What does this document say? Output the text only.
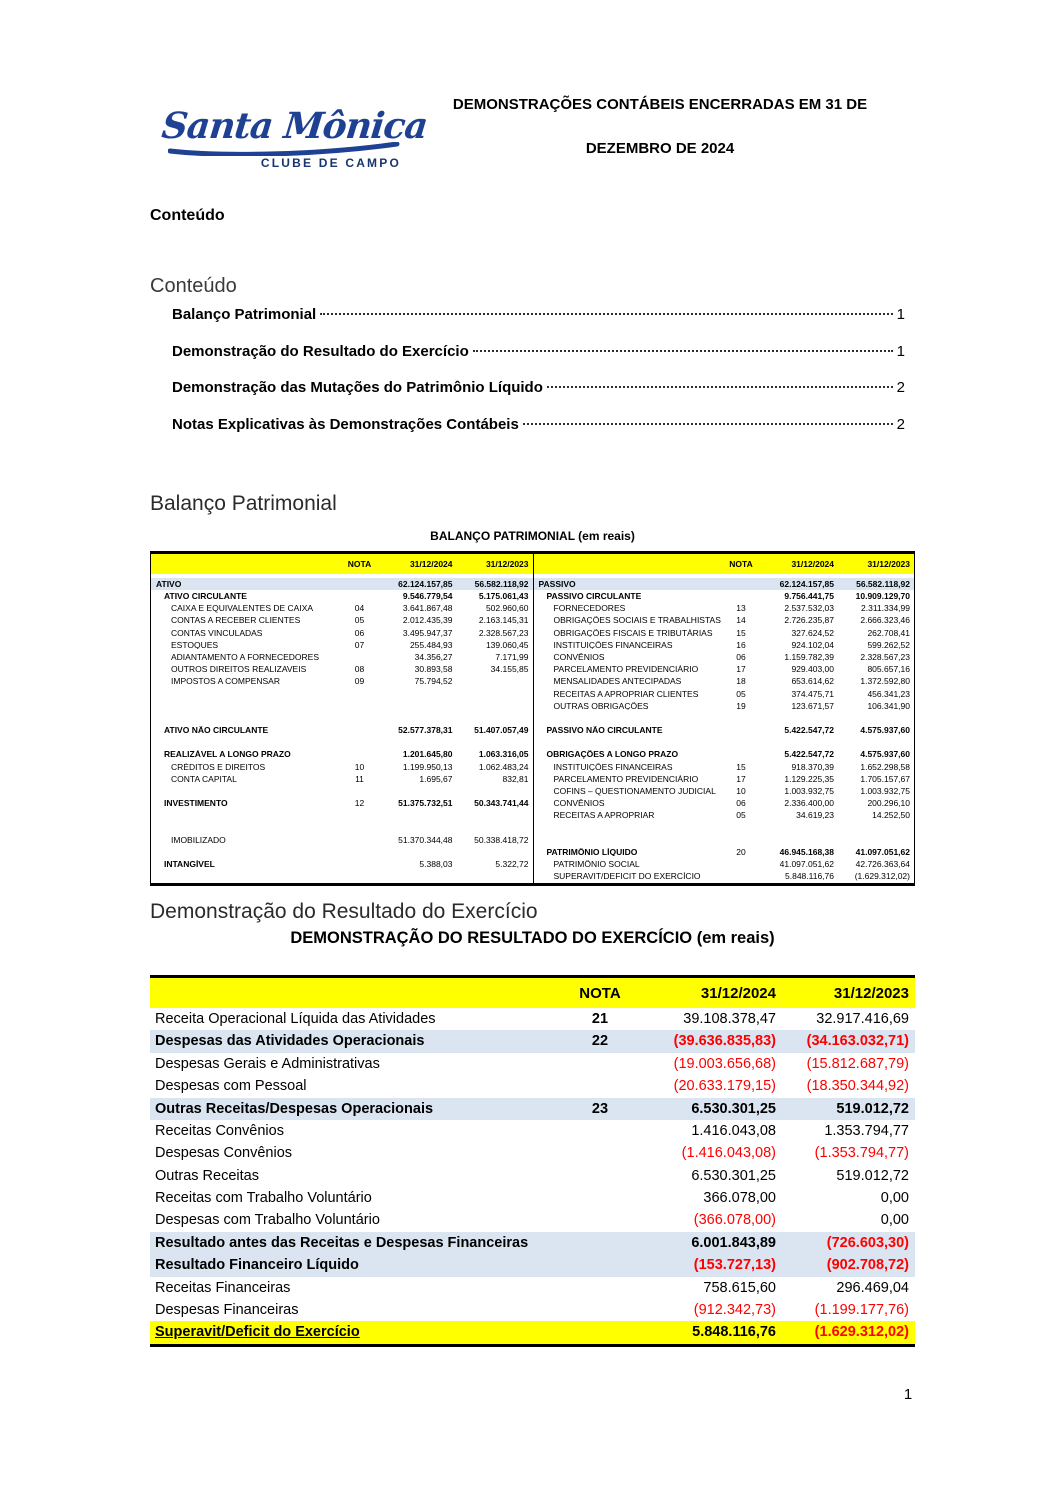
Santa Mônica
CLUBE DE CAMPO
DEMONSTRAÇÕES CONTÁBEIS ENCERRADAS EM 31 DE
DEZEMBRO DE 2024
Conteúdo
Conteúdo
Balanço Patrimonial	1
Demonstração do Resultado do Exercício	1
Demonstração das Mutações do Patrimônio Líquido	2
Notas Explicativas às Demonstrações Contábeis	2
Balanço Patrimonial
BALANÇO PATRIMONIAL (em reais)
NOTA	31/12/2024	31/12/2023
ATIVO	62.124.157,85	56.582.118,92
ATIVO CIRCULANTE	9.546.779,54	5.175.061,43
CAIXA E EQUIVALENTES DE CAIXA	04	3.641.867,48	502.960,60
CONTAS A RECEBER CLIENTES	05	2.012.435,39	2.163.145,31
CONTAS VINCULADAS	06	3.495.947,37	2.328.567,23
ESTOQUES	07	255.484,93	139.060,45
ADIANTAMENTO A FORNECEDORES	34.356,27	7.171,99
OUTROS DIREITOS REALIZAVEIS	08	30.893,58	34.155,85
IMPOSTOS A COMPENSAR	09	75.794,52
ATIVO NÃO CIRCULANTE	52.577.378,31	51.407.057,49
REALIZÁVEL A LONGO PRAZO	1.201.645,80	1.063.316,05
CRÉDITOS E DIREITOS	10	1.199.950,13	1.062.483,24
CONTA CAPITAL	11	1.695,67	832,81
INVESTIMENTO	12	51.375.732,51	50.343.741,44
IMOBILIZADO	51.370.344,48	50.338.418,72
INTANGÍVEL	5.388,03	5.322,72
NOTA	31/12/2024	31/12/2023
PASSIVO	62.124.157,85	56.582.118,92
PASSIVO CIRCULANTE	9.756.441,75	10.909.129,70
FORNECEDORES	13	2.537.532,03	2.311.334,99
OBRIGAÇÕES SOCIAIS E TRABALHISTAS	14	2.726.235,87	2.666.323,46
OBRIGAÇÕES FISCAIS E TRIBUTÁRIAS	15	327.624,52	262.708,41
INSTITUIÇÕES FINANCEIRAS	16	924.102,04	599.262,52
CONVÊNIOS	06	1.159.782,39	2.328.567,23
PARCELAMENTO PREVIDENCIÁRIO	17	929.403,00	805.657,16
MENSALIDADES ANTECIPADAS	18	653.614,62	1.372.592,80
RECEITAS A APROPRIAR CLIENTES	05	374.475,71	456.341,23
OUTRAS OBRIGAÇÕES	19	123.671,57	106.341,90
PASSIVO NÃO CIRCULANTE	5.422.547,72	4.575.937,60
OBRIGAÇÕES A LONGO PRAZO	5.422.547,72	4.575.937,60
INSTITUIÇÕES FINANCEIRAS	15	918.370,39	1.652.298,58
PARCELAMENTO PREVIDENCIÁRIO	17	1.129.225,35	1.705.157,67
COFINS – QUESTIONAMENTO JUDICIAL	10	1.003.932,75	1.003.932,75
CONVÊNIOS	06	2.336.400,00	200.296,10
RECEITAS A APROPRIAR	05	34.619,23	14.252,50
PATRIMÔNIO LÍQUIDO	20	46.945.168,38	41.097.051,62
PATRIMÔNIO SOCIAL	41.097.051,62	42.726.363,64
SUPERAVIT/DEFICIT DO EXERCÍCIO	5.848.116,76	(1.629.312,02)
Demonstração do Resultado do Exercício
DEMONSTRAÇÃO DO RESULTADO DO EXERCÍCIO (em reais)
NOTA	31/12/2024	31/12/2023
Receita Operacional Líquida das Atividades	21	39.108.378,47	32.917.416,69
Despesas das Atividades Operacionais	22	(39.636.835,83)	(34.163.032,71)
Despesas Gerais e Administrativas	(19.003.656,68)	(15.812.687,79)
Despesas com Pessoal	(20.633.179,15)	(18.350.344,92)
Outras Receitas/Despesas Operacionais	23	6.530.301,25	519.012,72
Receitas Convênios	1.416.043,08	1.353.794,77
Despesas Convênios	(1.416.043,08)	(1.353.794,77)
Outras Receitas	6.530.301,25	519.012,72
Receitas com Trabalho Voluntário	366.078,00	0,00
Despesas com Trabalho Voluntário	(366.078,00)	0,00
Resultado antes das Receitas e Despesas Financeiras	6.001.843,89	(726.603,30)
Resultado Financeiro Líquido	(153.727,13)	(902.708,72)
Receitas Financeiras	758.615,60	296.469,04
Despesas Financeiras	(912.342,73)	(1.199.177,76)
Superavit/Deficit do Exercício	5.848.116,76	(1.629.312,02)
1
